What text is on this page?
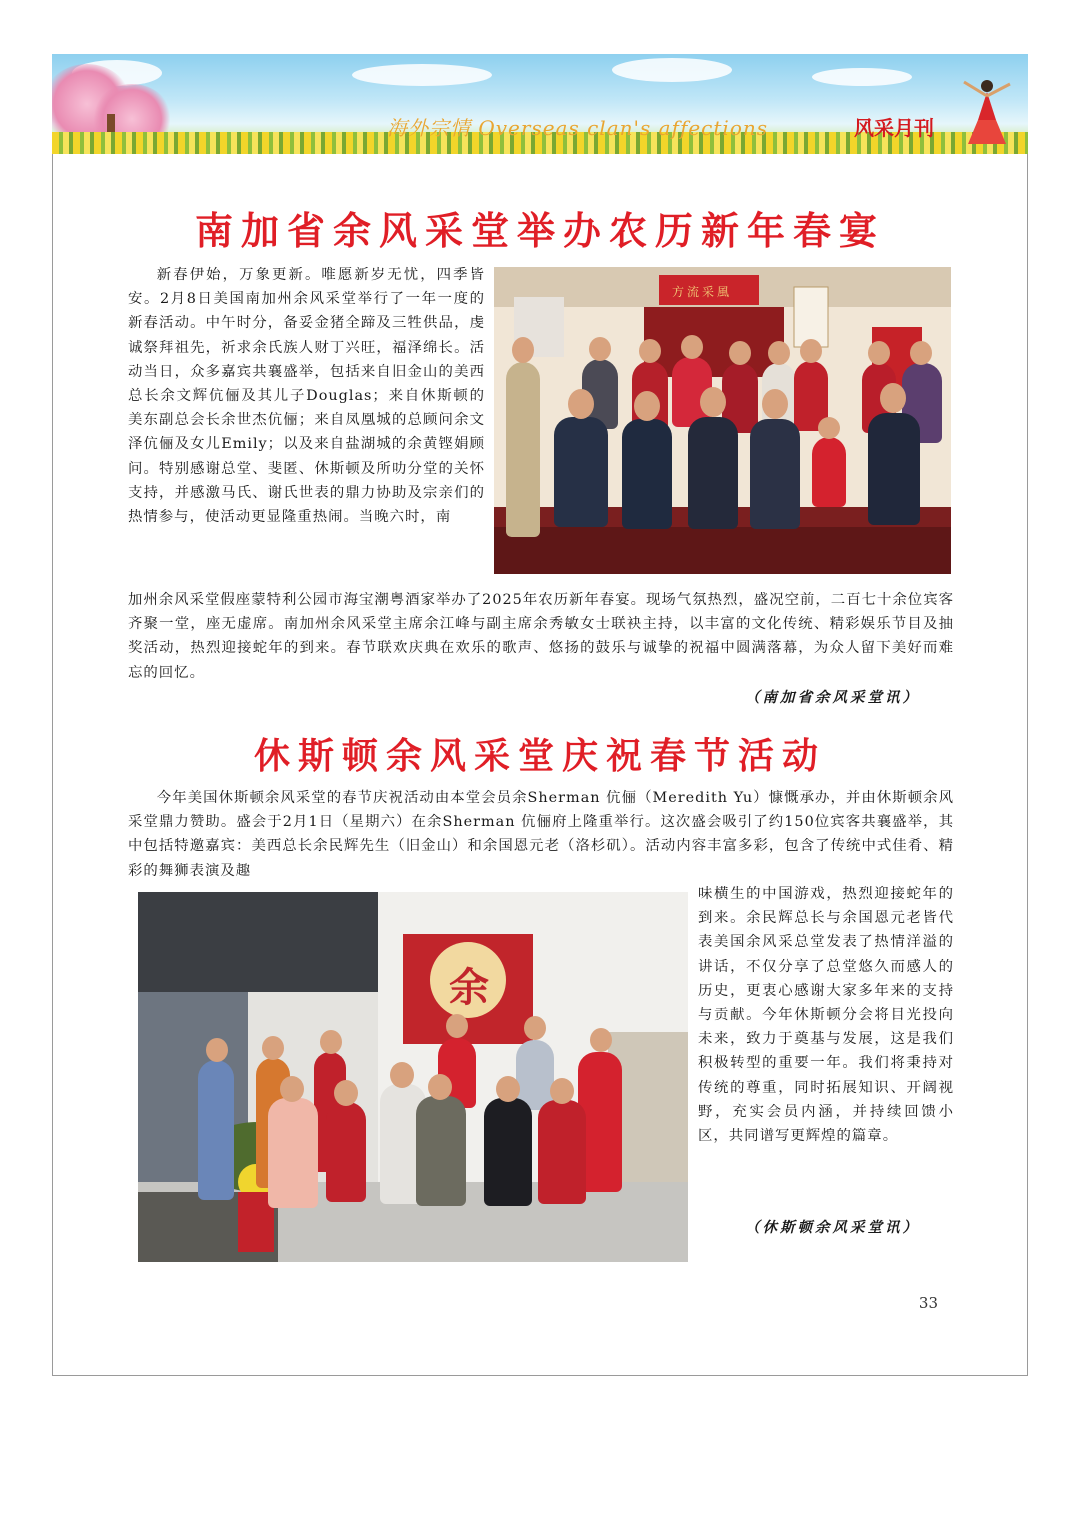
海外宗情 Overseas clan's affections	风采月刊
南加省余风采堂举办农历新年春宴
新春伊始，万象更新。唯愿新岁无忧，四季皆安。2月8日美国南加州余风采堂举行了一年一度的新春活动。中午时分，备妥金猪全蹄及三牲供品，虔诚祭拜祖先，祈求余氏族人财丁兴旺，福泽绵长。活动当日，众多嘉宾共襄盛举，包括来自旧金山的美西总长余文辉伉俪及其儿子Douglas；来自休斯顿的美东副总会长余世杰伉俪；来自凤凰城的总顾问余文泽伉俪及女儿Emily；以及来自盐湖城的余黄铿娟顾问。特别感谢总堂、斐匿、休斯顿及所叻分堂的关怀支持，并感激马氏、谢氏世表的鼎力协助及宗亲们的热情参与，使活动更显隆重热闹。当晚六时，南
方流采風
加州余风采堂假座蒙特利公园市海宝潮粤酒家举办了2025年农历新年春宴。现场气氛热烈，盛况空前，二百七十余位宾客齐聚一堂，座无虚席。南加州余风采堂主席余江峰与副主席余秀敏女士联袂主持，以丰富的文化传统、精彩娱乐节目及抽奖活动，热烈迎接蛇年的到来。春节联欢庆典在欢乐的歌声、悠扬的鼓乐与诚挚的祝福中圆满落幕，为众人留下美好而难忘的回忆。
（南加省余风采堂讯）
休斯顿余风采堂庆祝春节活动
今年美国休斯顿余风采堂的春节庆祝活动由本堂会员余Sherman 伉俪（Meredith Yu）慷慨承办，并由休斯顿余风采堂鼎力赞助。盛会于2月1日（星期六）在余Sherman 伉俪府上隆重举行。这次盛会吸引了约150位宾客共襄盛举，其中包括特邀嘉宾：美西总长余民辉先生（旧金山）和余国恩元老（洛杉矶）。活动内容丰富多彩，包含了传统中式佳肴、精彩的舞狮表演及趣
味横生的中国游戏，热烈迎接蛇年的到来。余民辉总长与余国恩元老皆代表美国余风采总堂发表了热情洋溢的讲话，不仅分享了总堂悠久而感人的历史，更衷心感谢大家多年来的支持与贡献。今年休斯顿分会将目光投向未来，致力于奠基与发展，这是我们积极转型的重要一年。我们将秉持对传统的尊重，同时拓展知识、开阔视野，充实会员内涵，并持续回馈小区，共同谱写更辉煌的篇章。
余
（休斯顿余风采堂讯）
33
